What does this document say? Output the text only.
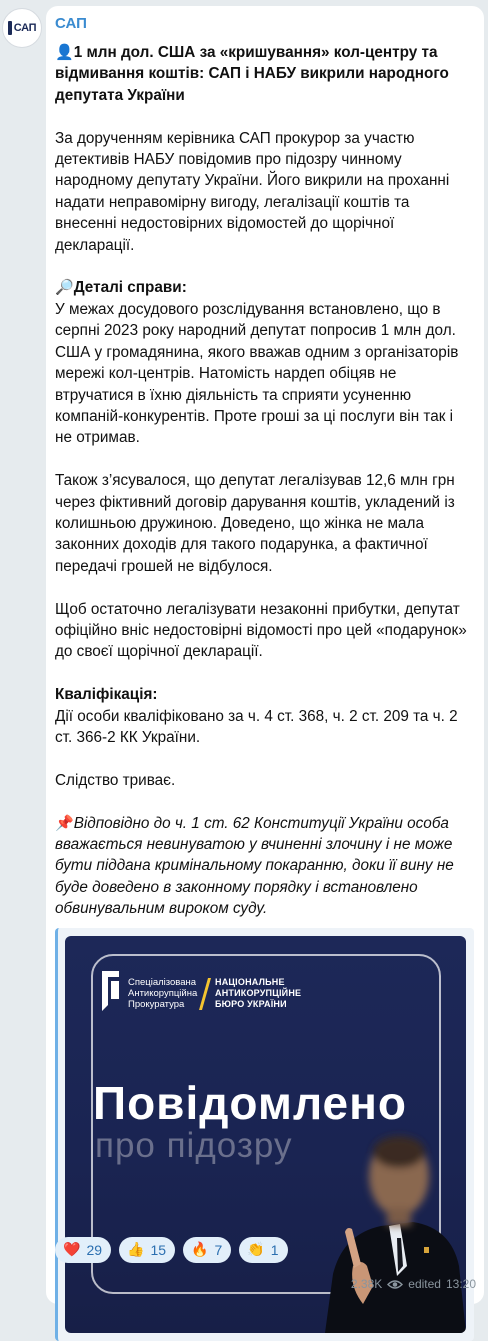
САП САП
👤1 млн дол. США за «кришування» кол-центру та відмивання коштів: САП і НАБУ викрили народного депутата України

За дорученням керівника САП прокурор за участю детективів НАБУ повідомив про підозру чинному народному депутату України. Його викрили на проханні надати неправомірну вигоду, легалізації коштів та внесенні недостовірних відомостей до щорічної декларації.

🔎Деталі справи:
У межах досудового розслідування встановлено, що в серпні 2023 року народний депутат попросив 1 млн дол. США у громадянина, якого вважав одним з організаторів мережі кол-центрів. Натомість нардеп обіцяв не втручатися в їхню діяльність та сприяти усуненню компаній-конкурентів. Проте гроші за ці послуги він так і не отримав.

Також з’ясувалося, що депутат легалізував 12,6 млн грн через фіктивний договір дарування коштів, укладений із колишньою дружиною. Доведено, що жінка не мала законних доходів для такого подарунка, а фактичної передачі грошей не відбулося.

Щоб остаточно легалізувати незаконні прибутки, депутат офіційно вніс недостовірні відомості про цей «подарунок» до своєї щорічної декларації.

Кваліфікація:
Дії особи кваліфіковано за ч. 4 ст. 368, ч. 2 ст. 209 та ч. 2 ст. 366-2 КК України.

Слідство триває.

📌Відповідно до ч. 1 ст. 62 Конституції України особа вважається невинуватою у вчиненні злочину і не може бути піддана кримінальному покаранню, доки її вину не буде доведено в законному порядку і встановлено обвинувальним вироком суду.
Спеціалізована
Антикорупційна
Прокуратура
НАЦІОНАЛЬНЕ
АНТИКОРУПЦІЙНЕ
БЮРО УКРАЇНИ
Повідомлено
про підозру
❤️ 29 👍 15 🔥 7 👏 1
2.38K edited 13:20
